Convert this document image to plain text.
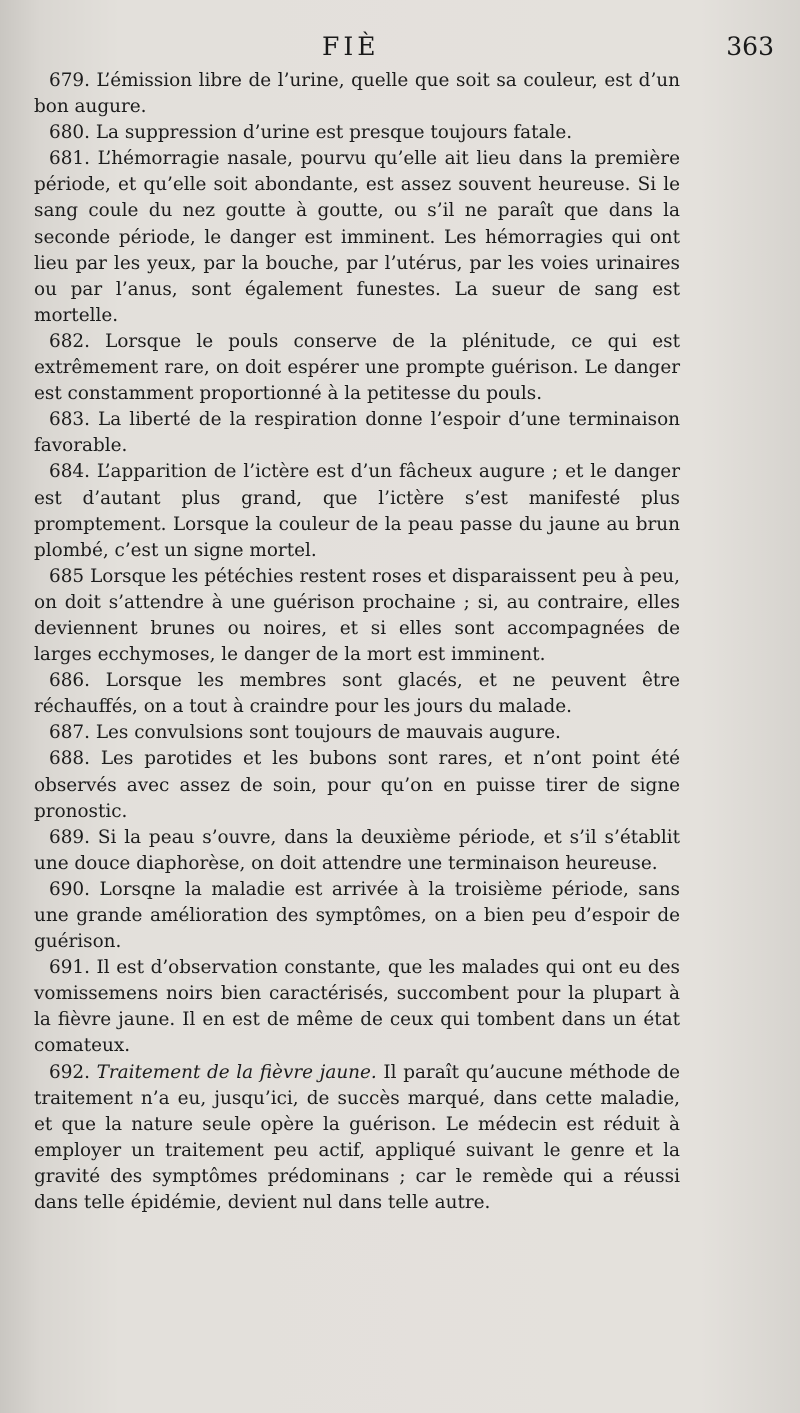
FIÈ	363

679. L’émission libre de l’urine, quelle que soit sa couleur, est d’un bon augure.

680. La suppression d’urine est presque toujours fatale.

681. L’hémorragie nasale, pourvu qu’elle ait lieu dans la première période, et qu’elle soit abondante, est assez souvent heureuse. Si le sang coule du nez goutte à goutte, ou s’il ne paraît que dans la seconde période, le danger est imminent. Les hémorragies qui ont lieu par les yeux, par la bouche, par l’utérus, par les voies urinaires ou par l’anus, sont également funestes. La sueur de sang est mortelle.

682. Lorsque le pouls conserve de la plénitude, ce qui est extrêmement rare, on doit espérer une prompte guérison. Le danger est constamment proportionné à la petitesse du pouls.

683. La liberté de la respiration donne l’espoir d’une terminaison favorable.

684. L’apparition de l’ictère est d’un fâcheux augure ; et le danger est d’autant plus grand, que l’ictère s’est manifesté plus promptement. Lorsque la couleur de la peau passe du jaune au brun plombé, c’est un signe mortel.

685 Lorsque les pétéchies restent roses et disparaissent peu à peu, on doit s’attendre à une guérison prochaine ; si, au contraire, elles deviennent brunes ou noires, et si elles sont accompagnées de larges ecchymoses, le danger de la mort est imminent.

686. Lorsque les membres sont glacés, et ne peuvent être réchauffés, on a tout à craindre pour les jours du malade.

687. Les convulsions sont toujours de mauvais augure.

688. Les parotides et les bubons sont rares, et n’ont point été observés avec assez de soin, pour qu’on en puisse tirer de signe pronostic.

689. Si la peau s’ouvre, dans la deuxième période, et s’il s’établit une douce diaphorèse, on doit attendre une terminaison heureuse.

690. Lorsqne la maladie est arrivée à la troisième période, sans une grande amélioration des symptômes, on a bien peu d’espoir de guérison.

691. Il est d’observation constante, que les malades qui ont eu des vomissemens noirs bien caractérisés, succombent pour la plupart à la fièvre jaune. Il en est de même de ceux qui tombent dans un état comateux.

692. Traitement de la fièvre jaune. Il paraît qu’aucune méthode de traitement n’a eu, jusqu’ici, de succès marqué, dans cette maladie, et que la nature seule opère la guérison. Le médecin est réduit à employer un traitement peu actif, appliqué suivant le genre et la gravité des symptômes prédominans ; car le remède qui a réussi dans telle épidémie, devient nul dans telle autre.
